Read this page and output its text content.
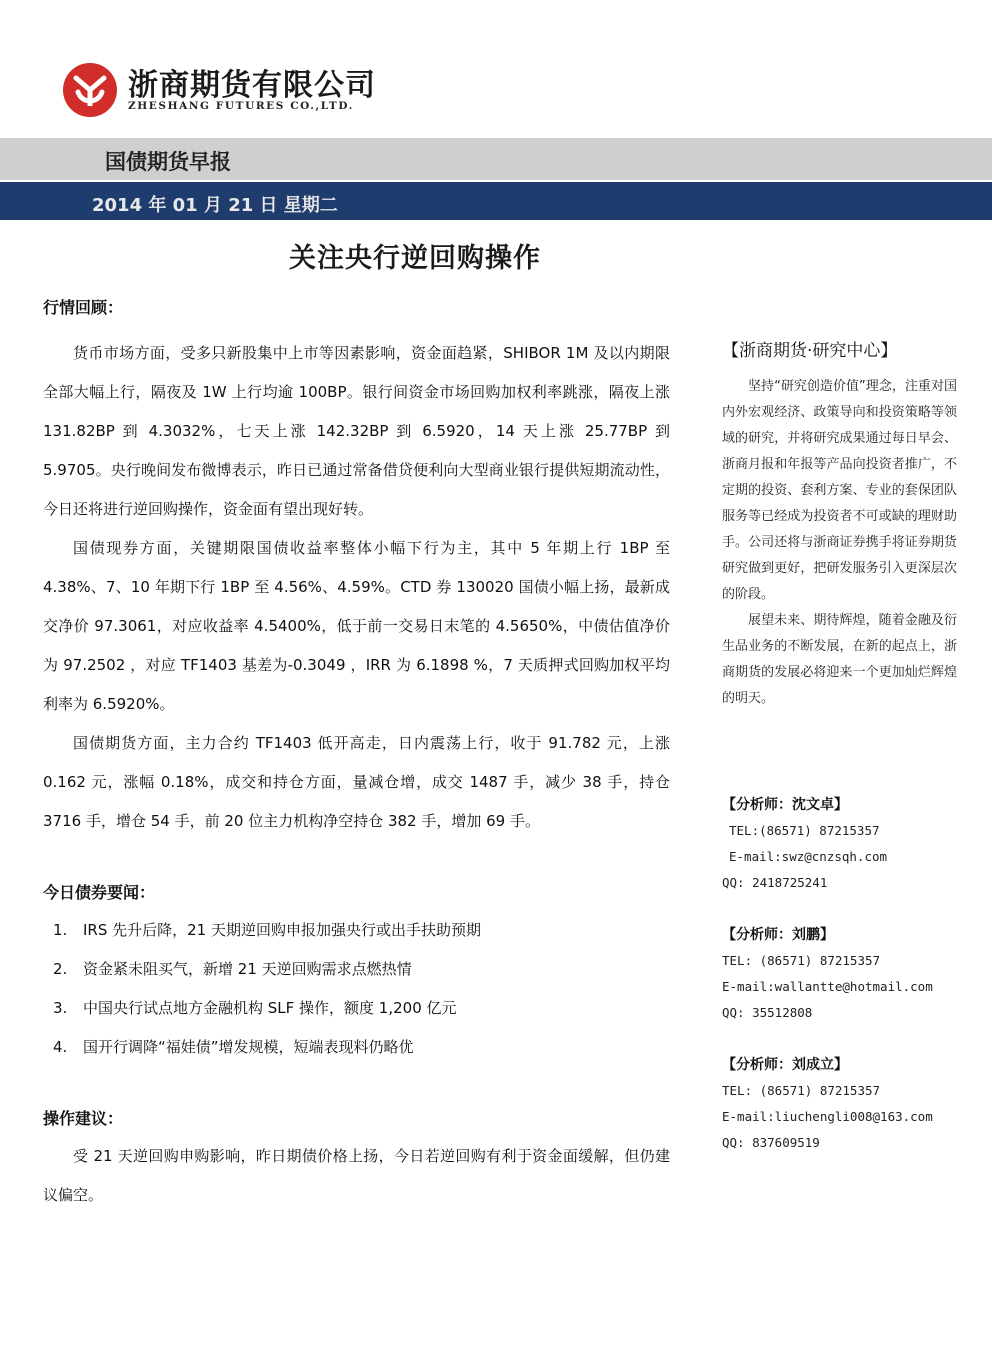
浙商期货有限公司
ZHESHANG FUTURES CO.,LTD.
国债期货早报
2014 年 01 月 21 日 星期二
关注央行逆回购操作
行情回顾：

货币市场方面，受多只新股集中上市等因素影响，资金面趋紧，SHIBOR 1M 及以内期限全部大幅上行，隔夜及 1W 上行均逾 100BP。银行间资金市场回购加权利率跳涨，隔夜上涨 131.82BP 到 4.3032%，七天上涨 142.32BP 到 6.5920，14 天上涨 25.77BP 到 5.9705。央行晚间发布微博表示，昨日已通过常备借贷便利向大型商业银行提供短期流动性，今日还将进行逆回购操作，资金面有望出现好转。

国债现券方面，关键期限国债收益率整体小幅下行为主，其中 5 年期上行 1BP 至 4.38%、7、10 年期下行 1BP 至 4.56%、4.59%。CTD 券 130020 国债小幅上扬，最新成交净价 97.3061，对应收益率 4.5400%，低于前一交易日末笔的 4.5650%，中债估值净价为 97.2502 ，对应 TF1403 基差为-0.3049 ，IRR 为 6.1898 %，7 天质押式回购加权平均利率为 6.5920%。

国债期货方面，主力合约 TF1403 低开高走，日内震荡上行，收于 91.782 元，上涨 0.162 元，涨幅 0.18%，成交和持仓方面，量减仓增，成交 1487 手，减少 38 手，持仓 3716 手，增仓 54 手，前 20 位主力机构净空持仓 382 手，增加 69 手。

今日债券要闻：
1. IRS 先升后降，21 天期逆回购申报加强央行或出手扶助预期
2. 资金紧未阻买气，新增 21 天逆回购需求点燃热情
3. 中国央行试点地方金融机构 SLF 操作，额度 1,200 亿元
4. 国开行调降“福娃债”增发规模，短端表现料仍略优
操作建议：

受 21 天逆回购申购影响，昨日期债价格上扬，今日若逆回购有利于资金面缓解，但仍建议偏空。

【浙商期货·研究中心】

坚持“研究创造价值”理念，注重对国内外宏观经济、政策导向和投资策略等领域的研究，并将研究成果通过每日早会、浙商月报和年报等产品向投资者推广，不定期的投资、套利方案、专业的套保团队服务等已经成为投资者不可或缺的理财助手。公司还将与浙商证券携手将证券期货研究做到更好，把研发服务引入更深层次的阶段。

展望未来、期待辉煌，随着金融及衍生品业务的不断发展，在新的起点上，浙商期货的发展必将迎来一个更加灿烂辉煌的明天。

【分析师：沈文卓】
TEL:(86571) 87215357
E-mail:swz@cnzsqh.com
QQ: 2418725241
【分析师：刘鹏】
TEL: (86571) 87215357
E-mail:wallantte@hotmail.com
QQ: 35512808
【分析师：刘成立】
TEL: (86571) 87215357
E-mail:liuchengli008@163.com
QQ: 837609519
